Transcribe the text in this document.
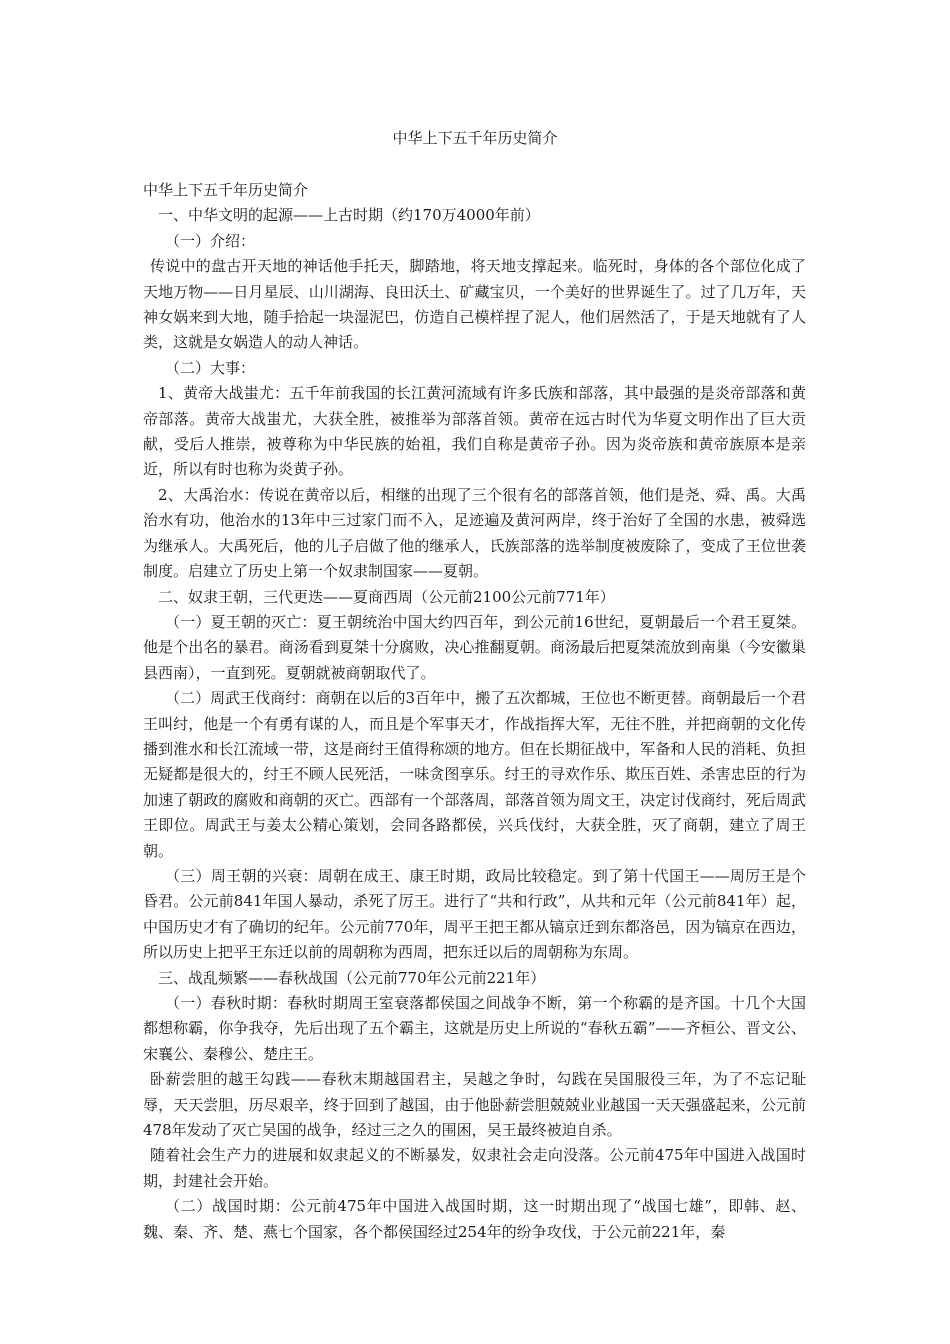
中华上下五千年历史简介

中华上下五千年历史简介

一、中华文明的起源——上古时期（约170万4000年前）

（一）介绍：

传说中的盘古开天地的神话他手托天，脚踏地，将天地支撑起来。临死时，身体的各个部位化成了天地万物——日月星辰、山川湖海、良田沃土、矿藏宝贝，一个美好的世界诞生了。过了几万年，天神女娲来到大地，随手拾起一块湿泥巴，仿造自己模样捏了泥人，他们居然活了，于是天地就有了人类，这就是女娲造人的动人神话。

（二）大事：

1、黄帝大战蚩尤：五千年前我国的长江黄河流域有许多氏族和部落，其中最强的是炎帝部落和黄帝部落。黄帝大战蚩尤，大获全胜，被推举为部落首领。黄帝在远古时代为华夏文明作出了巨大贡献，受后人推崇，被尊称为中华民族的始祖，我们自称是黄帝子孙。因为炎帝族和黄帝族原本是亲近，所以有时也称为炎黄子孙。

2、大禹治水：传说在黄帝以后，相继的出现了三个很有名的部落首领，他们是尧、舜、禹。大禹治水有功，他治水的13年中三过家门而不入，足迹遍及黄河两岸，终于治好了全国的水患，被舜选为继承人。大禹死后，他的儿子启做了他的继承人，氏族部落的选举制度被废除了，变成了王位世袭制度。启建立了历史上第一个奴隶制国家——夏朝。

二、奴隶王朝，三代更迭——夏商西周（公元前2100公元前771年）

（一）夏王朝的灭亡：夏王朝统治中国大约四百年，到公元前16世纪，夏朝最后一个君王夏桀。他是个出名的暴君。商汤看到夏桀十分腐败，决心推翻夏朝。商汤最后把夏桀流放到南巢（今安徽巢县西南），一直到死。夏朝就被商朝取代了。

（二）周武王伐商纣：商朝在以后的3百年中，搬了五次都城，王位也不断更替。商朝最后一个君王叫纣，他是一个有勇有谋的人，而且是个军事天才，作战指挥大军，无往不胜，并把商朝的文化传播到淮水和长江流域一带，这是商纣王值得称颂的地方。但在长期征战中，军备和人民的消耗、负担无疑都是很大的，纣王不顾人民死活，一味贪图享乐。纣王的寻欢作乐、欺压百姓、杀害忠臣的行为加速了朝政的腐败和商朝的灭亡。西部有一个部落周，部落首领为周文王，决定讨伐商纣，死后周武王即位。周武王与姜太公精心策划，会同各路都侯，兴兵伐纣，大获全胜，灭了商朝，建立了周王朝。

（三）周王朝的兴衰：周朝在成王、康王时期，政局比较稳定。到了第十代国王——周厉王是个昏君。公元前841年国人暴动，杀死了厉王。进行了“共和行政”，从共和元年（公元前841年）起，中国历史才有了确切的纪年。公元前770年，周平王把王都从镐京迁到东都洛邑，因为镐京在西边，所以历史上把平王东迁以前的周朝称为西周，把东迁以后的周朝称为东周。

三、战乱频繁——春秋战国（公元前770年公元前221年）

（一）春秋时期：春秋时期周王室衰落都侯国之间战争不断，第一个称霸的是齐国。十几个大国都想称霸，你争我夺，先后出现了五个霸主，这就是历史上所说的“春秋五霸”——齐桓公、晋文公、宋襄公、秦穆公、楚庄王。

卧薪尝胆的越王勾践——春秋末期越国君主，吴越之争时，勾践在吴国服役三年，为了不忘记耻辱，天天尝胆，历尽艰辛，终于回到了越国，由于他卧薪尝胆兢兢业业越国一天天强盛起来，公元前478年发动了灭亡吴国的战争，经过三之久的围困，吴王最终被迫自杀。

随着社会生产力的进展和奴隶起义的不断暴发，奴隶社会走向没落。公元前475年中国进入战国时期，封建社会开始。

（二）战国时期：公元前475年中国进入战国时期，这一时期出现了“战国七雄”，即韩、赵、魏、秦、齐、楚、燕七个国家，各个都侯国经过254年的纷争攻伐，于公元前221年，秦
